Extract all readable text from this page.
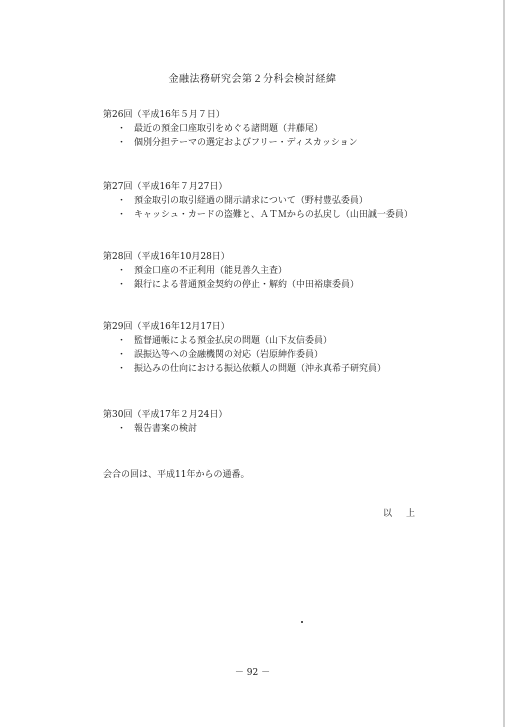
金融法務研究会第２分科会検討経緯
第26回（平成16年５月７日）
・ 最近の預金口座取引をめぐる諸問題（井藤尾）
・ 個別分担テーマの選定およびフリー・ディスカッション
第27回（平成16年７月27日）
・ 預金取引の取引経過の開示請求について（野村豊弘委員）
・ キャッシュ・カードの盗難と、ＡＴＭからの払戻し（山田誠一委員）
第28回（平成16年10月28日）
・ 預金口座の不正利用（能見善久主査）
・ 銀行による普通預金契約の停止・解約（中田裕康委員）
第29回（平成16年12月17日）
・ 監督通帳による預金払戻の問題（山下友信委員）
・ 誤振込等への金融機関の対応（岩原紳作委員）
・ 振込みの仕向における振込依頼人の問題（沖永真希子研究員）
第30回（平成17年２月24日）
・ 報告書案の検討
会合の回は、平成11年からの通番。
以上
－ 92 －
